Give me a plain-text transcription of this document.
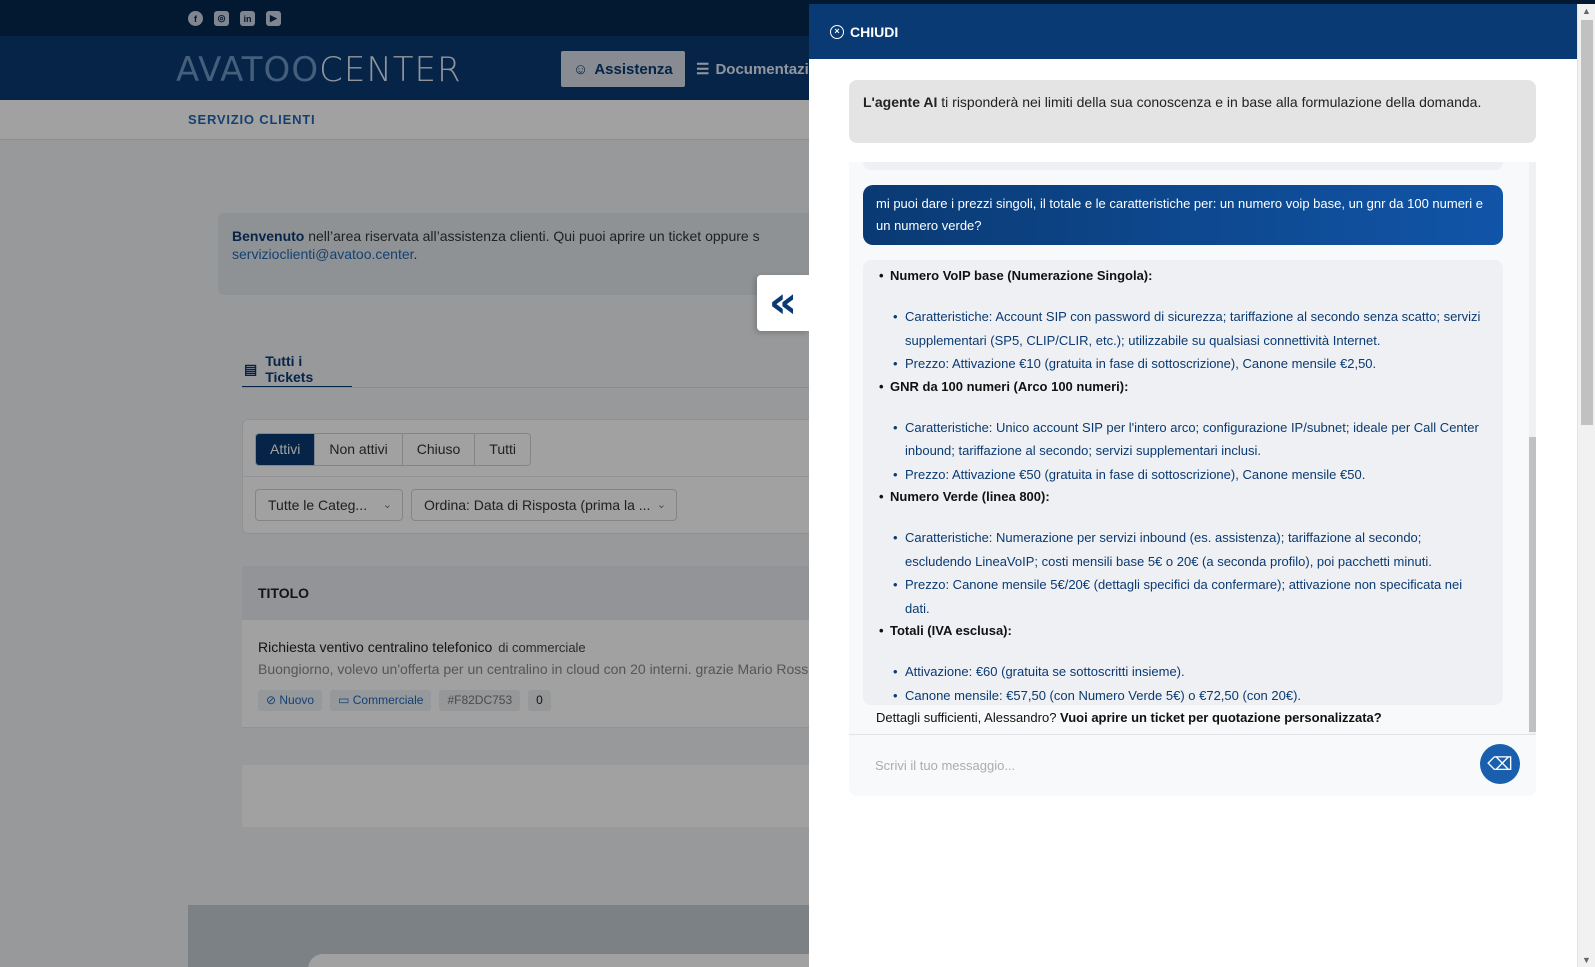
f	◎	in	▶
AVATOOCENTER	☺ Assistenza ☰ Documentazi
SERVIZIO CLIENTI
Benvenuto nell’area riservata all’assistenza clienti. Qui puoi aprire un ticket oppure s
servizioclienti@avatoo.center.
▤ Tutti i Tickets
Attivi	Non attivi	Chiuso	Tutti
Tutte le Categ... ⌄	Ordina: Data di Risposta (prima la ... ⌄
TITOLO
Richiesta ventivo centralino telefonico di commerciale
Buongiorno, volevo un'offerta per un centralino in cloud con 20 interni. grazie Mario Ross
⊘ Nuovo	▭ Commerciale	#F82DC753	0
«
× CHIUDI
L'agente AI ti risponderà nei limiti della sua conoscenza e in base alla formulazione della domanda.
mi puoi dare i prezzi singoli, il totale e le caratteristiche per: un numero voip base, un gnr da 100 numeri e un numero verde?
• Numero VoIP base (Numerazione Singola):
• Caratteristiche: Account SIP con password di sicurezza; tariffazione al secondo senza scatto; servizi supplementari (SP5, CLIP/CLIR, etc.); utilizzabile su qualsiasi connettività Internet.
• Prezzo: Attivazione €10 (gratuita in fase di sottoscrizione), Canone mensile €2,50.
• GNR da 100 numeri (Arco 100 numeri):
• Caratteristiche: Unico account SIP per l'intero arco; configurazione IP/subnet; ideale per Call Center inbound; tariffazione al secondo; servizi supplementari inclusi.
• Prezzo: Attivazione €50 (gratuita in fase di sottoscrizione), Canone mensile €50.
• Numero Verde (linea 800):
• Caratteristiche: Numerazione per servizi inbound (es. assistenza); tariffazione al secondo; escludendo LineaVoIP; costi mensili base 5€ o 20€ (a seconda profilo), poi pacchetti minuti.
• Prezzo: Canone mensile 5€/20€ (dettagli specifici da confermare); attivazione non specificata nei dati.
• Totali (IVA esclusa):
• Attivazione: €60 (gratuita se sottoscritti insieme).
• Canone mensile: €57,50 (con Numero Verde 5€) o €72,50 (con 20€).
Dettagli sufficienti, Alessandro? Vuoi aprire un ticket per quotazione personalizzata?
Scrivi il tuo messaggio...
⌫
▲
▼
